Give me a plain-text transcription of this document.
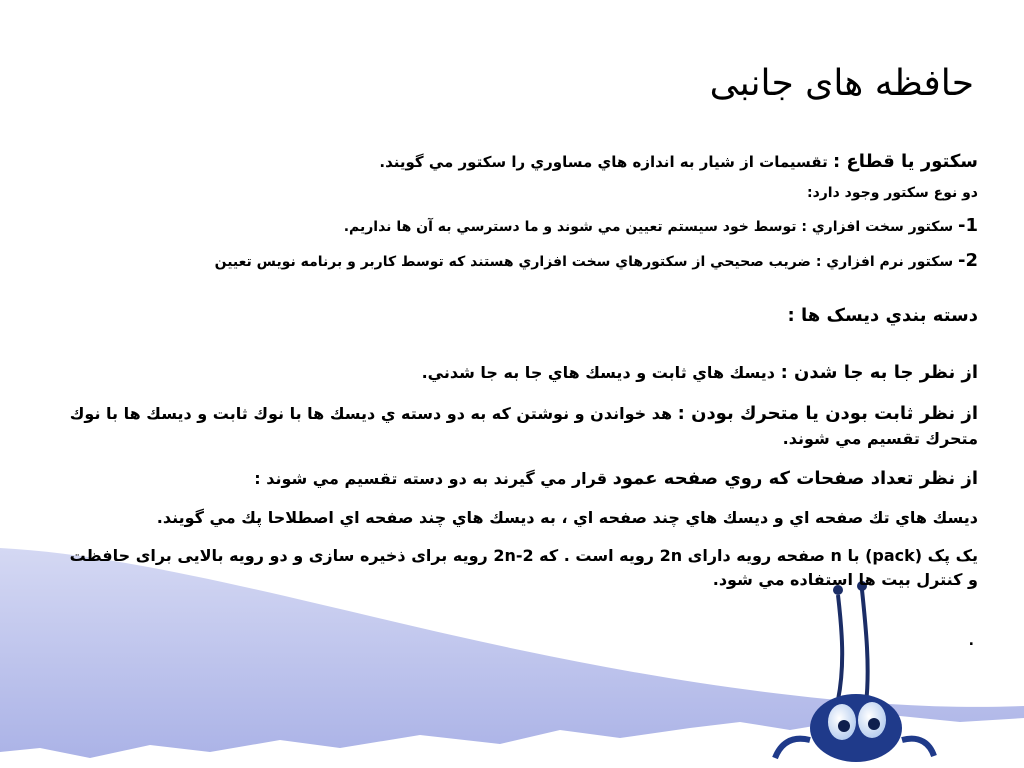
حافظه های جانبی

سكتور يا قطاع : تقسيمات از شيار به اندازه هاي مساوري را سكتور مي گويند.

دو نوع سكتور وجود دارد:

1- سكتور سخت افزاري : توسط خود سيستم تعيين مي شوند و ما دسترسي به آن ها نداريم.

2- سكتور نرم افزاري : ضريب صحيحي از سكتورهاي سخت افزاري هستند كه توسط كاربر و برنامه نويس تعيين

دسته بندي ديسک ها :

از نظر جا به جا شدن : ديسك هاي ثابت و ديسك هاي جا به جا شدني.

از نظر ثابت بودن يا متحرك بودن : هد خواندن و نوشتن كه به دو دسته ي ديسك ها با نوك ثابت و ديسك ها با نوك متحرك تقسيم مي شوند.

از نظر تعداد صفحات كه روي صفحه عمود قرار مي گيرند به دو دسته تقسيم مي شوند :

ديسك هاي تك صفحه اي و ديسك هاي چند صفحه اي ، به ديسك هاي چند صفحه اي اصطلاحا پك مي گويند.

یک پک (pack) با n صفحه رویه دارای 2n رویه است . که 2n-2 رویه برای ذخیره سازی و دو رویه بالایی برای حافظت و کنترل بیت ها استفاده مي شود.

.
